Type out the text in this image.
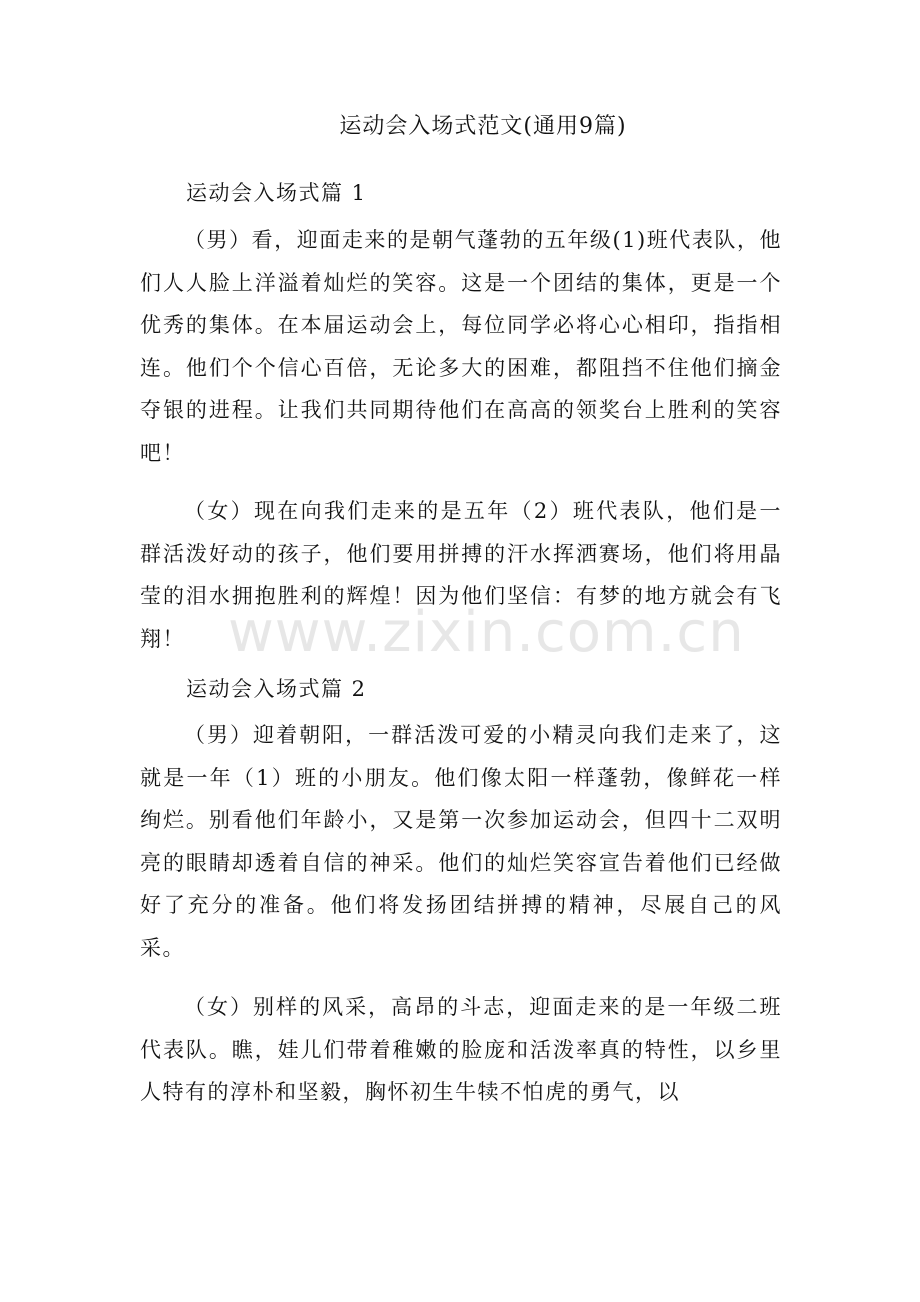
运动会入场式范文(通用9篇)
运动会入场式篇 1
（男）看，迎面走来的是朝气蓬勃的五年级(1)班代表队，他们人人脸上洋溢着灿烂的笑容。这是一个团结的集体，更是一个优秀的集体。在本届运动会上，每位同学必将心心相印，指指相连。他们个个信心百倍，无论多大的困难，都阻挡不住他们摘金夺银的进程。让我们共同期待他们在高高的领奖台上胜利的笑容吧！
（女）现在向我们走来的是五年（2）班代表队，他们是一群活泼好动的孩子，他们要用拼搏的汗水挥洒赛场，他们将用晶莹的泪水拥抱胜利的辉煌！因为他们坚信：有梦的地方就会有飞翔！
运动会入场式篇 2
（男）迎着朝阳，一群活泼可爱的小精灵向我们走来了，这就是一年（1）班的小朋友。他们像太阳一样蓬勃，像鲜花一样绚烂。别看他们年龄小，又是第一次参加运动会，但四十二双明亮的眼睛却透着自信的神采。他们的灿烂笑容宣告着他们已经做好了充分的准备。他们将发扬团结拼搏的精神，尽展自己的风采。
（女）别样的风采，高昂的斗志，迎面走来的是一年级二班代表队。瞧，娃儿们带着稚嫩的脸庞和活泼率真的特性，以乡里人特有的淳朴和坚毅，胸怀初生牛犊不怕虎的勇气，以
www.zixin.com.cn
